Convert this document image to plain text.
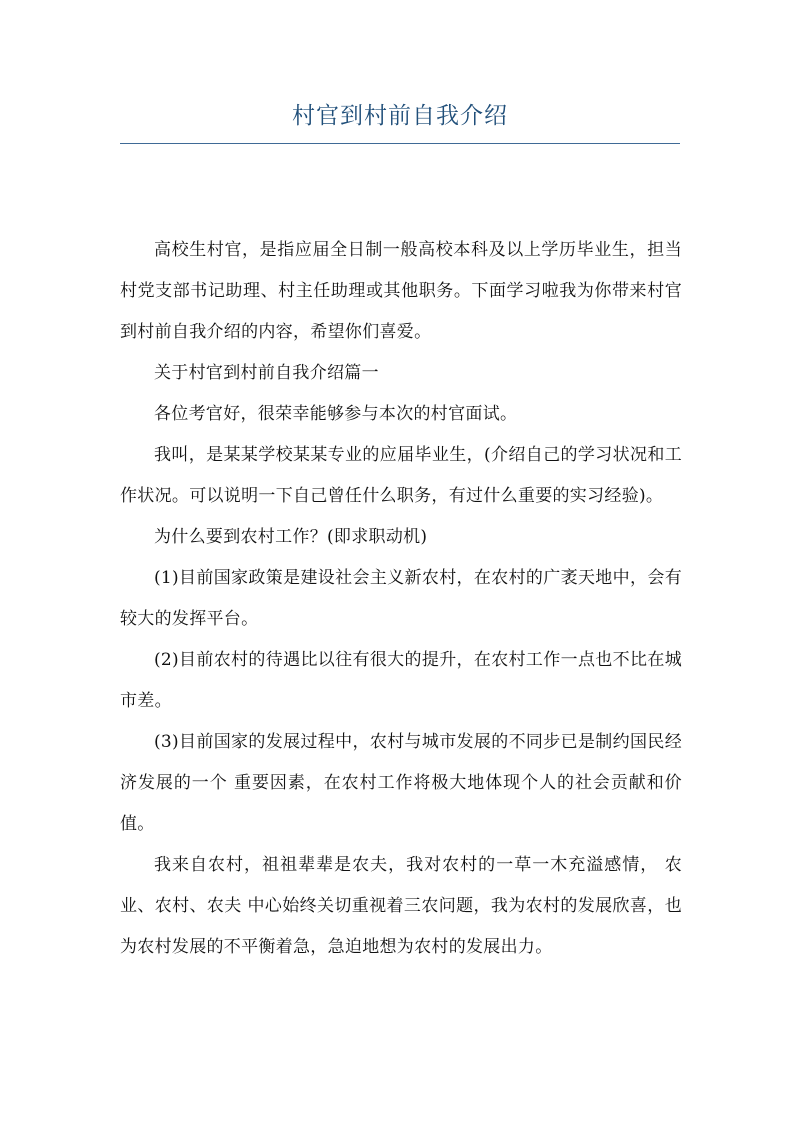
村官到村前自我介绍

高校生村官，是指应届全日制一般高校本科及以上学历毕业生，担当村党支部书记助理、村主任助理或其他职务。下面学习啦我为你带来村官到村前自我介绍的内容，希望你们喜爱。

关于村官到村前自我介绍篇一

各位考官好，很荣幸能够参与本次的村官面试。

我叫，是某某学校某某专业的应届毕业生，(介绍自己的学习状况和工作状况。可以说明一下自己曾任什么职务，有过什么重要的实习经验)。

为什么要到农村工作？(即求职动机)

(1)目前国家政策是建设社会主义新农村，在农村的广袤天地中，会有较大的发挥平台。

(2)目前农村的待遇比以往有很大的提升，在农村工作一点也不比在城市差。

(3)目前国家的发展过程中，农村与城市发展的不同步已是制约国民经济发展的一个 重要因素，在农村工作将极大地体现个人的社会贡献和价值。

我来自农村，祖祖辈辈是农夫，我对农村的一草一木充溢感情， 农业、农村、农夫 中心始终关切重视着三农问题，我为农村的发展欣喜，也为农村发展的不平衡着急，急迫地想为农村的发展出力。
